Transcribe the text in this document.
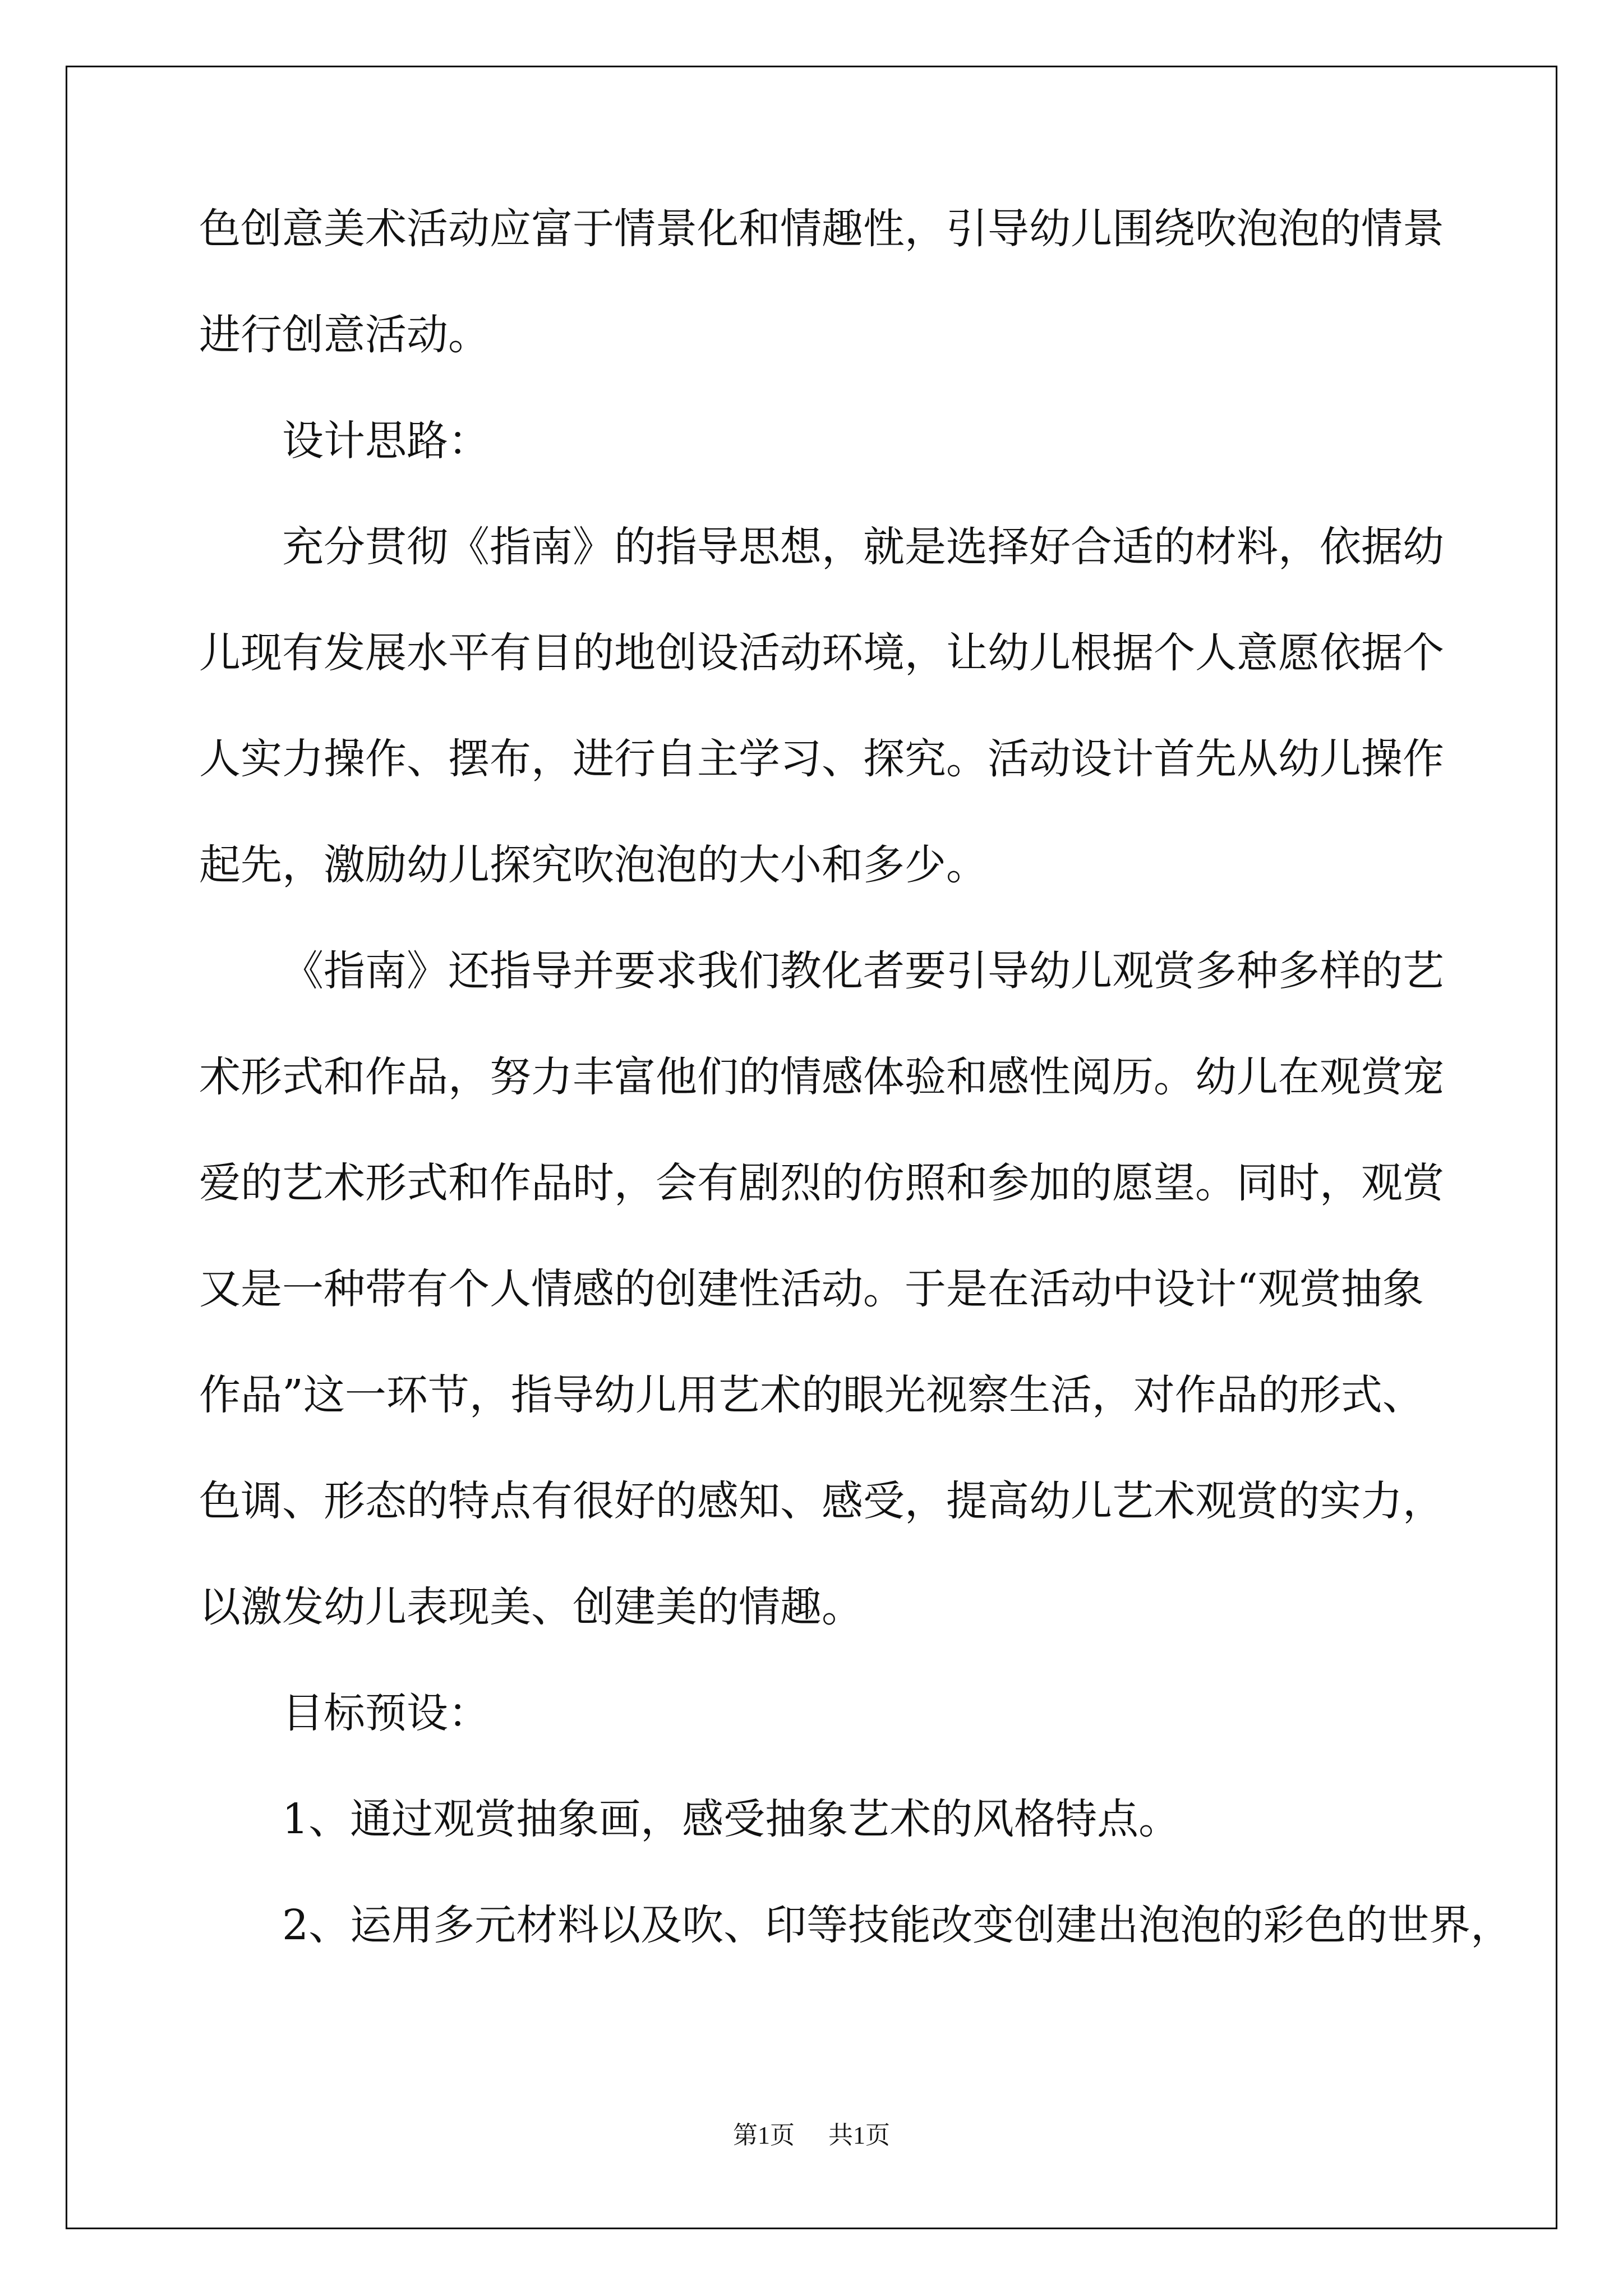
色创意美术活动应富于情景化和情趣性，引导幼儿围绕吹泡泡的情景
进行创意活动。
设计思路：
充分贯彻《指南》的指导思想，就是选择好合适的材料，依据幼
儿现有发展水平有目的地创设活动环境，让幼儿根据个人意愿依据个
人实力操作、摆布，进行自主学习、探究。活动设计首先从幼儿操作
起先，激励幼儿探究吹泡泡的大小和多少。
《指南》还指导并要求我们教化者要引导幼儿观赏多种多样的艺
术形式和作品，努力丰富他们的情感体验和感性阅历。幼儿在观赏宠
爱的艺术形式和作品时，会有剧烈的仿照和参加的愿望。同时，观赏
又是一种带有个人情感的创建性活动。于是在活动中设计“观赏抽象
作品”这一环节，指导幼儿用艺术的眼光视察生活，对作品的形式、
色调、形态的特点有很好的感知、感受，提高幼儿艺术观赏的实力，
以激发幼儿表现美、创建美的情趣。
目标预设：
1、通过观赏抽象画，感受抽象艺术的风格特点。
2、运用多元材料以及吹、印等技能改变创建出泡泡的彩色的世界，
第1页 共1页
